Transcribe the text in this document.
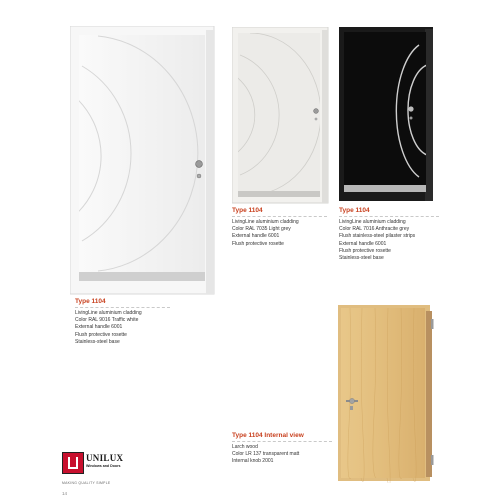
Type 1104
LivingLine aluminium cladding
Color RAL 9016 Traffic white
External handle 6001
Flush protective rosette
Stainless-steel base
Type 1104
LivingLine aluminium cladding
Color RAL 7035 Light grey
External handle 6001
Flush protective rosette
Type 1104
LivingLine aluminium cladding
Color RAL 7016 Anthracite grey
Flush stainless-steel pilaster strips
External handle 6001
Flush protective rosette
Stainless-steel base
Type 1104 Internal view
Larch wood
Color LR 137 transparent matt
Internal knob 2001
UNILUX
Windows and Doors
MAKING QUALITY SIMPLE
14
